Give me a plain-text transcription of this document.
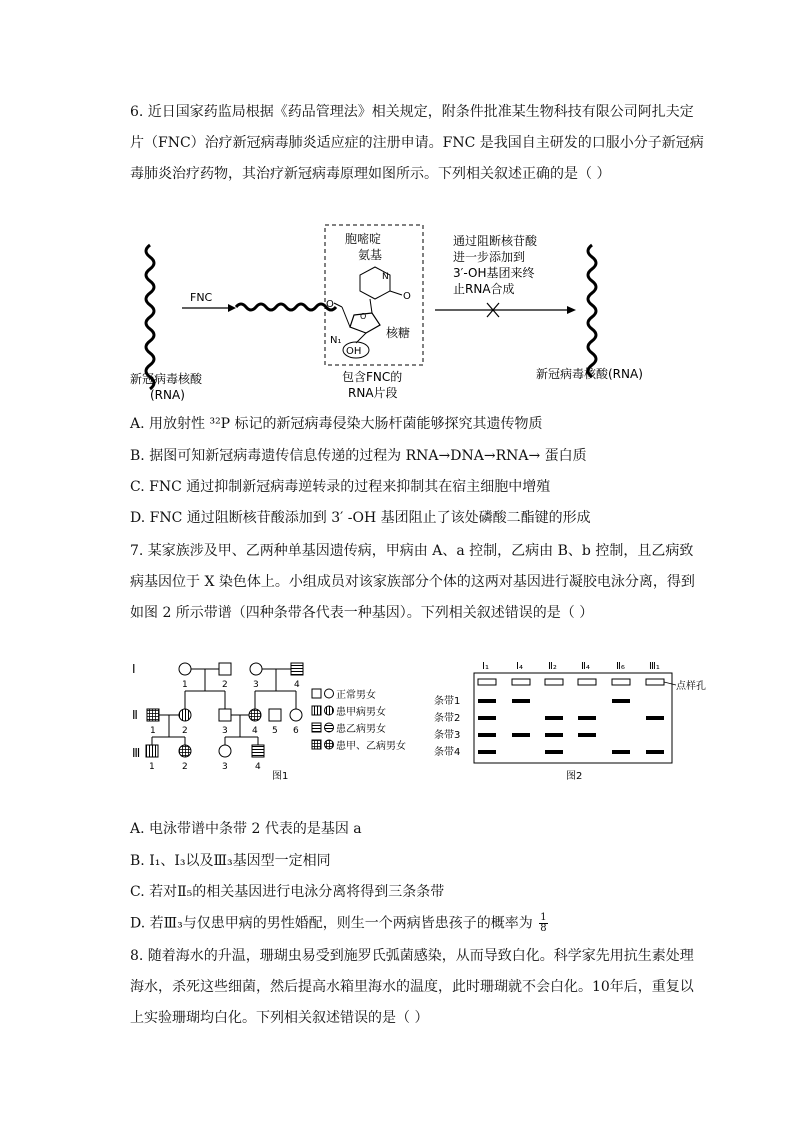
6. 近日国家药监局根据《药品管理法》相关规定，附条件批准某生物科技有限公司阿扎夫定
片（FNC）治疗新冠病毒肺炎适应症的注册申请。FNC 是我国自主研发的口服小分子新冠病
毒肺炎治疗药物，其治疗新冠病毒原理如图所示。下列相关叙述正确的是（ ）
新冠病毒核酸
(RNA)
FNC
胞嘧啶
氨基
N
O
O
O
N₁
核糖
OH
包含FNC的
RNA片段
通过阻断核苷酸
进一步添加到
3′-OH基团来终
止RNA合成
新冠病毒核酸(RNA)
A. 用放射性 ³²P 标记的新冠病毒侵染大肠杆菌能够探究其遗传物质
B. 据图可知新冠病毒遗传信息传递的过程为 RNA→DNA→RNA→ 蛋白质
C. FNC 通过抑制新冠病毒逆转录的过程来抑制其在宿主细胞中增殖
D. FNC 通过阻断核苷酸添加到 3′ -OH 基团阻止了该处磷酸二酯键的形成
7. 某家族涉及甲、乙两种单基因遗传病，甲病由 A、a 控制，乙病由 B、b 控制，且乙病致
病基因位于 X 染色体上。小组成员对该家族部分个体的这两对基因进行凝胶电泳分离，得到
如图 2 所示带谱（四种条带各代表一种基因）。下列相关叙述错误的是（ ）
Ⅰ
Ⅱ
Ⅲ
1	2	3	4
1	2	3	4 5 6
1	2	3	4
正常男女
患甲病男女
患乙病男女
患甲、乙病男女
图1
Ⅰ₁	Ⅰ₄	Ⅱ₂ Ⅱ₄	Ⅱ₆ Ⅲ₁
点样孔
条带1
条带2
条带3
条带4
图2
A. 电泳带谱中条带 2 代表的是基因 a
B. Ⅰ₁、Ⅰ₃以及Ⅲ₃基因型一定相同
C. 若对Ⅱ₅的相关基因进行电泳分离将得到三条条带
D. 若Ⅲ₃与仅患甲病的男性婚配，则生一个两病皆患孩子的概率为 $\frac{1}{8}$
8. 随着海水的升温，珊瑚虫易受到施罗氏弧菌感染，从而导致白化。科学家先用抗生素处理
海水，杀死这些细菌，然后提高水箱里海水的温度，此时珊瑚就不会白化。10年后，重复以
上实验珊瑚均白化。下列相关叙述错误的是（ ）
